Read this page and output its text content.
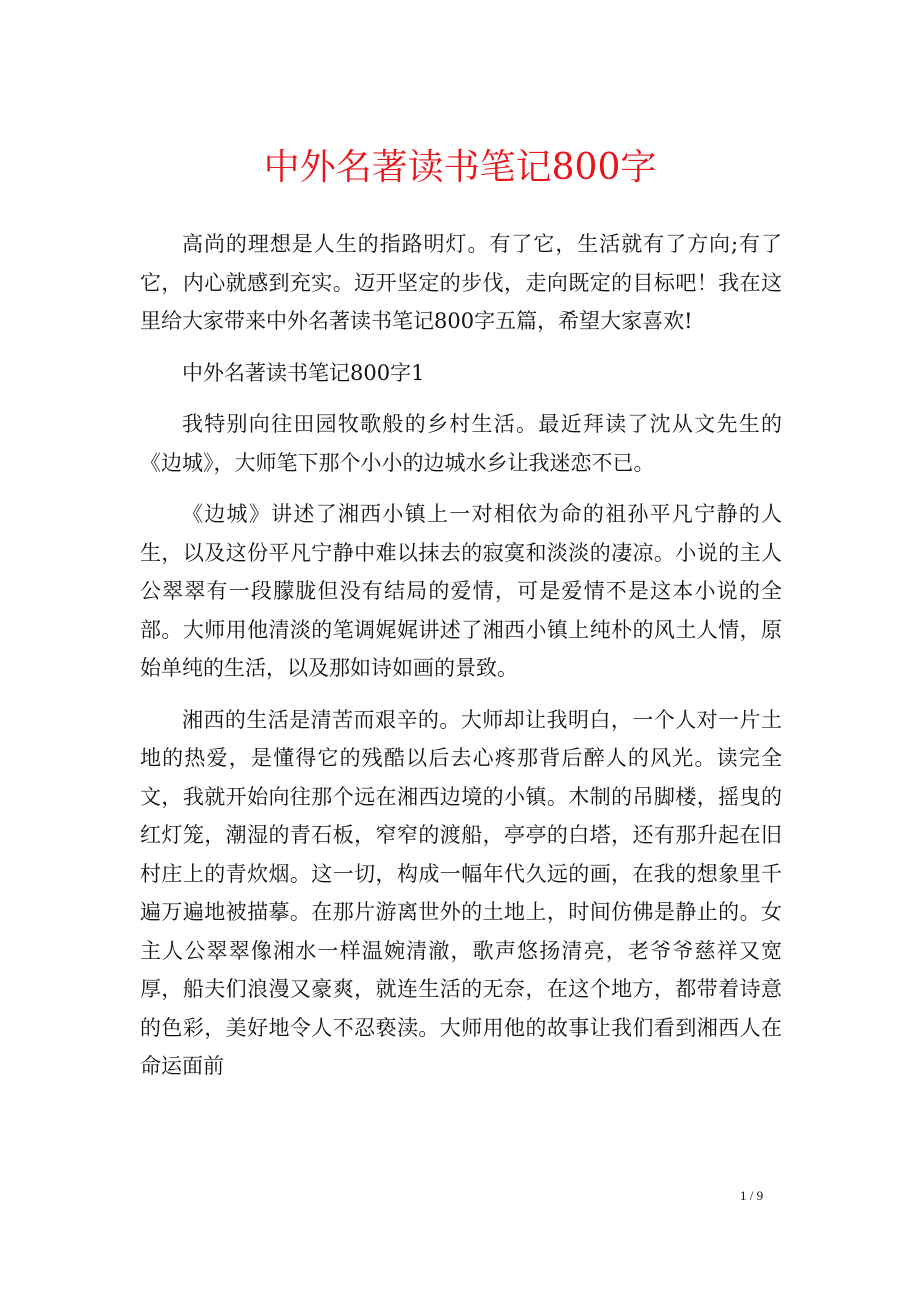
中外名著读书笔记800字

高尚的理想是人生的指路明灯。有了它，生活就有了方向;有了它，内心就感到充实。迈开坚定的步伐，走向既定的目标吧！我在这里给大家带来中外名著读书笔记800字五篇，希望大家喜欢!

中外名著读书笔记800字1

我特别向往田园牧歌般的乡村生活。最近拜读了沈从文先生的《边城》，大师笔下那个小小的边城水乡让我迷恋不已。

《边城》讲述了湘西小镇上一对相依为命的祖孙平凡宁静的人生，以及这份平凡宁静中难以抹去的寂寞和淡淡的凄凉。小说的主人公翠翠有一段朦胧但没有结局的爱情，可是爱情不是这本小说的全部。大师用他清淡的笔调娓娓讲述了湘西小镇上纯朴的风土人情，原始单纯的生活，以及那如诗如画的景致。

湘西的生活是清苦而艰辛的。大师却让我明白，一个人对一片土地的热爱，是懂得它的残酷以后去心疼那背后醉人的风光。读完全文，我就开始向往那个远在湘西边境的小镇。木制的吊脚楼，摇曳的红灯笼，潮湿的青石板，窄窄的渡船，亭亭的白塔，还有那升起在旧村庄上的青炊烟。这一切，构成一幅年代久远的画，在我的想象里千遍万遍地被描摹。在那片游离世外的土地上，时间仿佛是静止的。女主人公翠翠像湘水一样温婉清澈，歌声悠扬清亮，老爷爷慈祥又宽厚，船夫们浪漫又豪爽，就连生活的无奈，在这个地方，都带着诗意的色彩，美好地令人不忍亵渎。大师用他的故事让我们看到湘西人在命运面前

1 / 9
